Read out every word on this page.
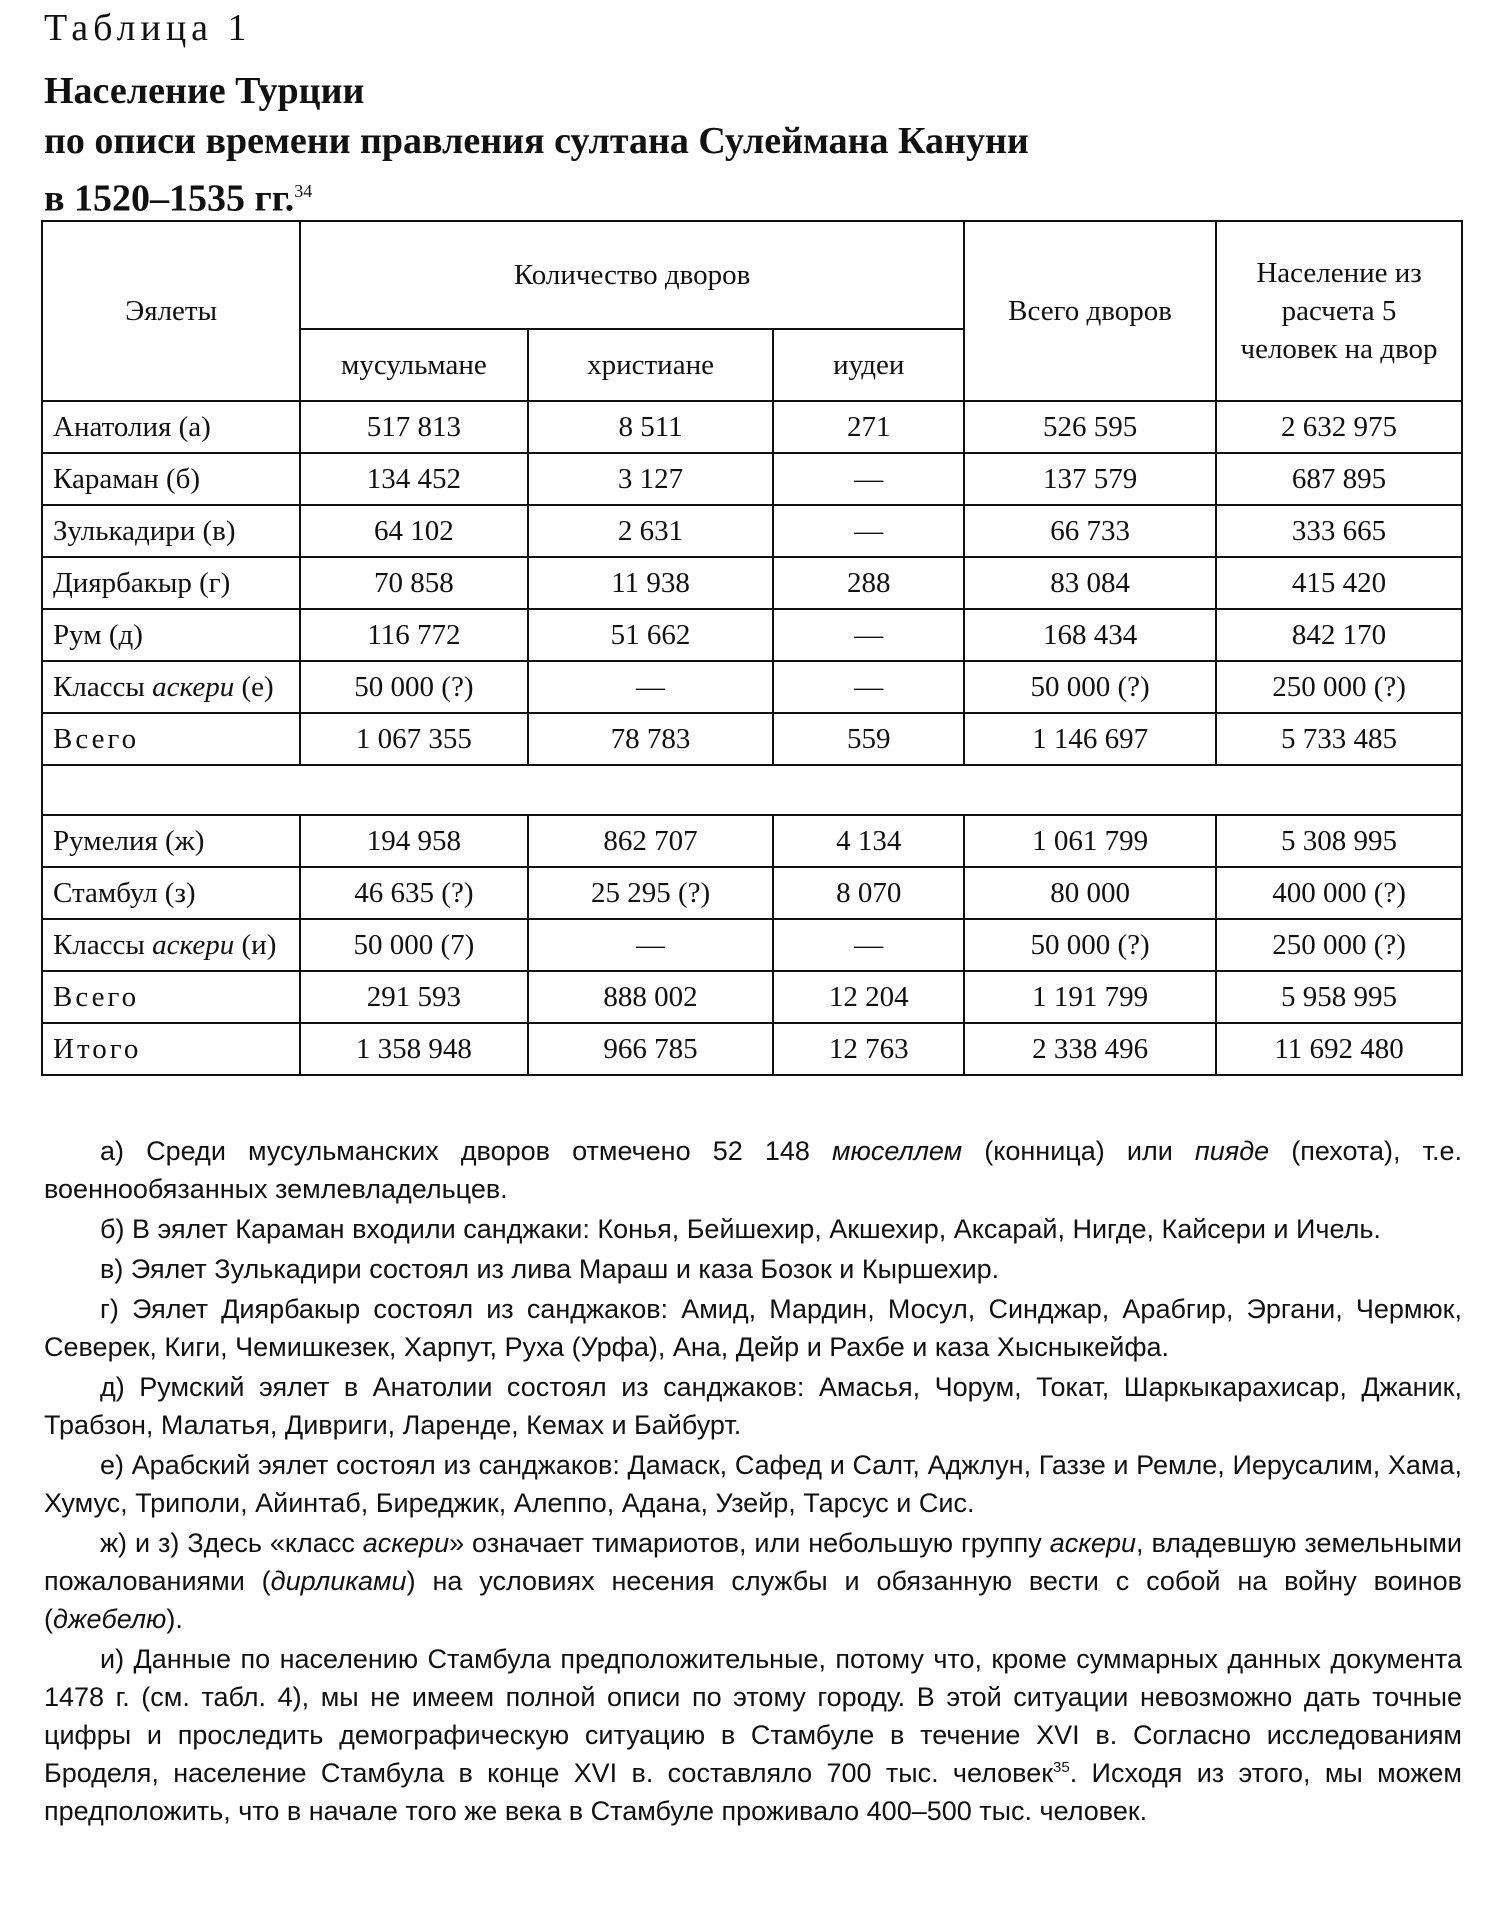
Таблица 1
Население Турции
по описи времени правления султана Сулеймана Кануни
в 1520–1535 гг.$^{34}$
Эялеты	Количество дворов			Всего дворов	Население из расчета 5 человек на двор
	мусульмане	христиане	иудеи		
Анатолия (а)	517 813	8 511	271	526 595	2 632 975
Караман (б)	134 452	3 127	—	137 579	687 895
Зулькадири (в)	64 102	2 631	—	66 733	333 665
Диярбакыр (г)	70 858	11 938	288	83 084	415 420
Рум (д)	116 772	51 662	—	168 434	842 170
Классы аскери (е)	50 000 (?)	—	—	50 000 (?)	250 000 (?)
Всего	1 067 355	78 783	559	1 146 697	5 733 485

Румелия (ж)	194 958	862 707	4 134	1 061 799	5 308 995
Стамбул (з)	46 635 (?)	25 295 (?)	8 070	80 000	400 000 (?)
Классы аскери (и)	50 000 (7)	—	—	50 000 (?)	250 000 (?)
Всего	291 593	888 002	12 204	1 191 799	5 958 995
Итого	1 358 948	966 785	12 763	2 338 496	11 692 480

а) Среди мусульманских дворов отмечено 52 148 мюселлем (конница) или пияде (пехота), т.е. военнообязанных землевладельцев.

б) В эялет Караман входили санджаки: Конья, Бейшехир, Акшехир, Аксарай, Нигде, Кайсери и Ичель.

в) Эялет Зулькадири состоял из лива Мараш и каза Бозок и Кыршехир.

г) Эялет Диярбакыр состоял из санджаков: Амид, Мардин, Мосул, Синджар, Арабгир, Эргани, Чермюк, Северек, Киги, Чемишкезек, Харпут, Руха (Урфа), Ана, Дейр и Рахбе и каза Хысныкейфа.

д) Румский эялет в Анатолии состоял из санджаков: Амасья, Чорум, Токат, Шаркыкарахисар, Джаник, Трабзон, Малатья, Дивриги, Ларенде, Кемах и Байбурт.

е) Арабский эялет состоял из санджаков: Дамаск, Сафед и Салт, Аджлун, Газзе и Ремле, Иерусалим, Хама, Хумус, Триполи, Айинтаб, Биреджик, Алеппо, Адана, Узейр, Тарсус и Сис.

ж) и з) Здесь «класс аскери» означает тимариотов, или небольшую группу аскери, владевшую земельными пожалованиями (дирликами) на условиях несения службы и обязанную вести с собой на войну воинов (джебелю).

и) Данные по населению Стамбула предположительные, потому что, кроме суммарных данных документа 1478 г. (см. табл. 4), мы не имеем полной описи по этому городу. В этой ситуации невозможно дать точные цифры и проследить демографическую ситуацию в Стамбуле в течение XVI в. Согласно исследованиям Броделя, население Стамбула в конце XVI в. составляло 700 тыс. человек$^{35}$. Исходя из этого, мы можем предположить, что в начале того же века в Стамбуле проживало 400–500 тыс. человек.
